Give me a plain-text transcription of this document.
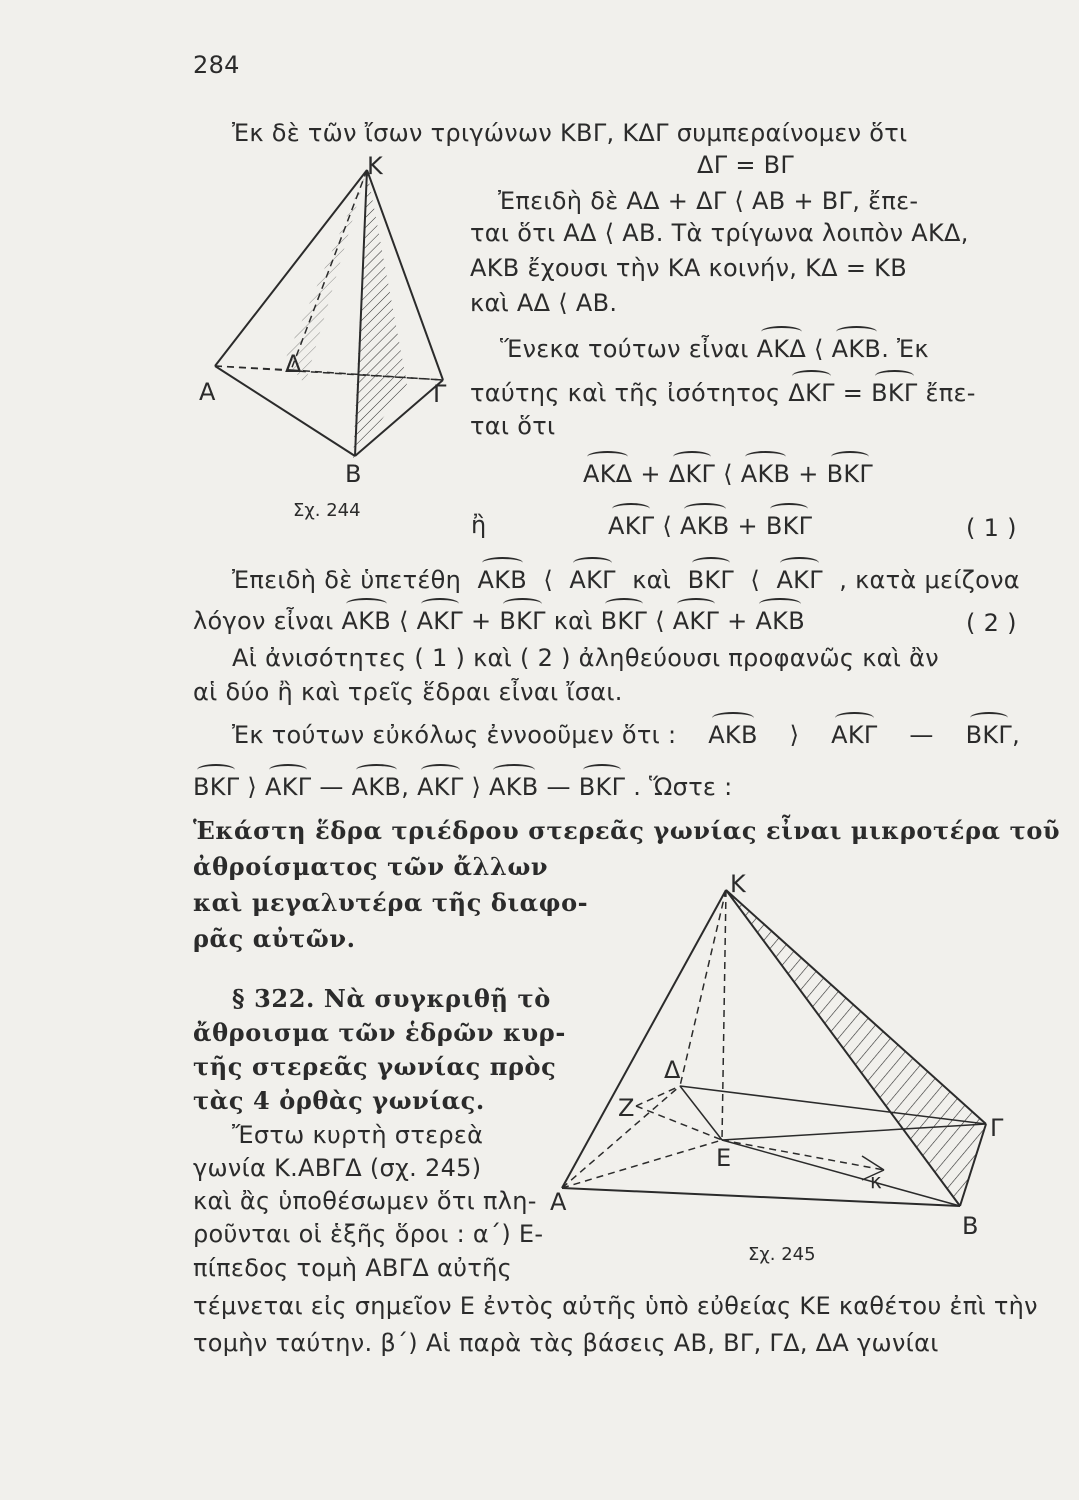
284
Ἐκ δὲ τῶν ἴσων τριγώνων ΚΒΓ, ΚΔΓ συμπεραίνομεν ὅτι
ΔΓ = ΒΓ
Ἐπειδὴ δὲ ΑΔ + ΔΓ ⟨ ΑΒ + ΒΓ, ἔπε-
ται ὅτι ΑΔ ⟨ ΑΒ. Τὰ τρίγωνα λοιπὸν ΑΚΔ,
ΑΚΒ ἔχουσι τὴν ΚΑ κοινήν, ΚΔ = ΚΒ
καὶ ΑΔ ⟨ ΑΒ.
Ἕνεκα τούτων εἶναι ΑΚΔ ⟨ ΑΚΒ. Ἐκ
ταύτης καὶ τῆς ἰσότητος ΔΚΓ = ΒΚΓ ἔπε-
ται ὅτι
ΑΚΔ + ΔΚΓ ⟨ ΑΚΒ + ΒΚΓ
ἢ	ΑΚΓ ⟨ ΑΚΒ + ΒΚΓ	( 1 )
Ἐπειδὴ δὲ ὑπετέθη ΑΚΒ ⟨ ΑΚΓ καὶ ΒΚΓ ⟨ ΑΚΓ , κατὰ μείζονα
λόγον εἶναι ΑΚΒ ⟨ ΑΚΓ + ΒΚΓ καὶ ΒΚΓ ⟨ ΑΚΓ + ΑΚΒ	( 2 )
Αἱ ἀνισότητες ( 1 ) καὶ ( 2 ) ἀληθεύουσι προφανῶς καὶ ἂν
αἱ δύο ἢ καὶ τρεῖς ἕδραι εἶναι ἴσαι.
Ἐκ τούτων εὐκόλως ἐννοοῦμεν ὅτι : ΑΚΒ ⟩ ΑΚΓ — ΒΚΓ,
ΒΚΓ ⟩ ΑΚΓ — ΑΚΒ, ΑΚΓ ⟩ ΑΚΒ — ΒΚΓ . Ὥστε :
Ἑκάστη ἕδρα τριέδρου στερεᾶς γωνίας εἶναι μικροτέρα τοῦ
ἀθροίσματος τῶν ἄλλων
καὶ μεγαλυτέρα τῆς διαφο-
ρᾶς αὐτῶν.
§ 322. Νὰ συγκριθῇ τὸ
ἄθροισμα τῶν ἑδρῶν κυρ-
τῆς στερεᾶς γωνίας πρὸς
τὰς 4 ὀρθὰς γωνίας.
Ἔστω κυρτὴ στερεὰ
γωνία Κ.ΑΒΓΔ (σχ. 245)
καὶ ἂς ὑποθέσωμεν ὅτι πλη-
ροῦνται οἱ ἑξῆς ὅροι : α΄) Ε-
πίπεδος τομὴ ΑΒΓΔ αὐτῆς
τέμνεται εἰς σημεῖον Ε ἐντὸς αὐτῆς ὑπὸ εὐθείας ΚΕ καθέτου ἐπὶ τὴν
τομὴν ταύτην. β΄) Αἱ παρὰ τὰς βάσεις ΑΒ, ΒΓ, ΓΔ, ΔΑ γωνίαι
Κ
Α
Δ
Γ
Β
Σχ. 244
Κ
Δ
Ζ
Ε
κ
Γ
Α
Β
Σχ. 245
